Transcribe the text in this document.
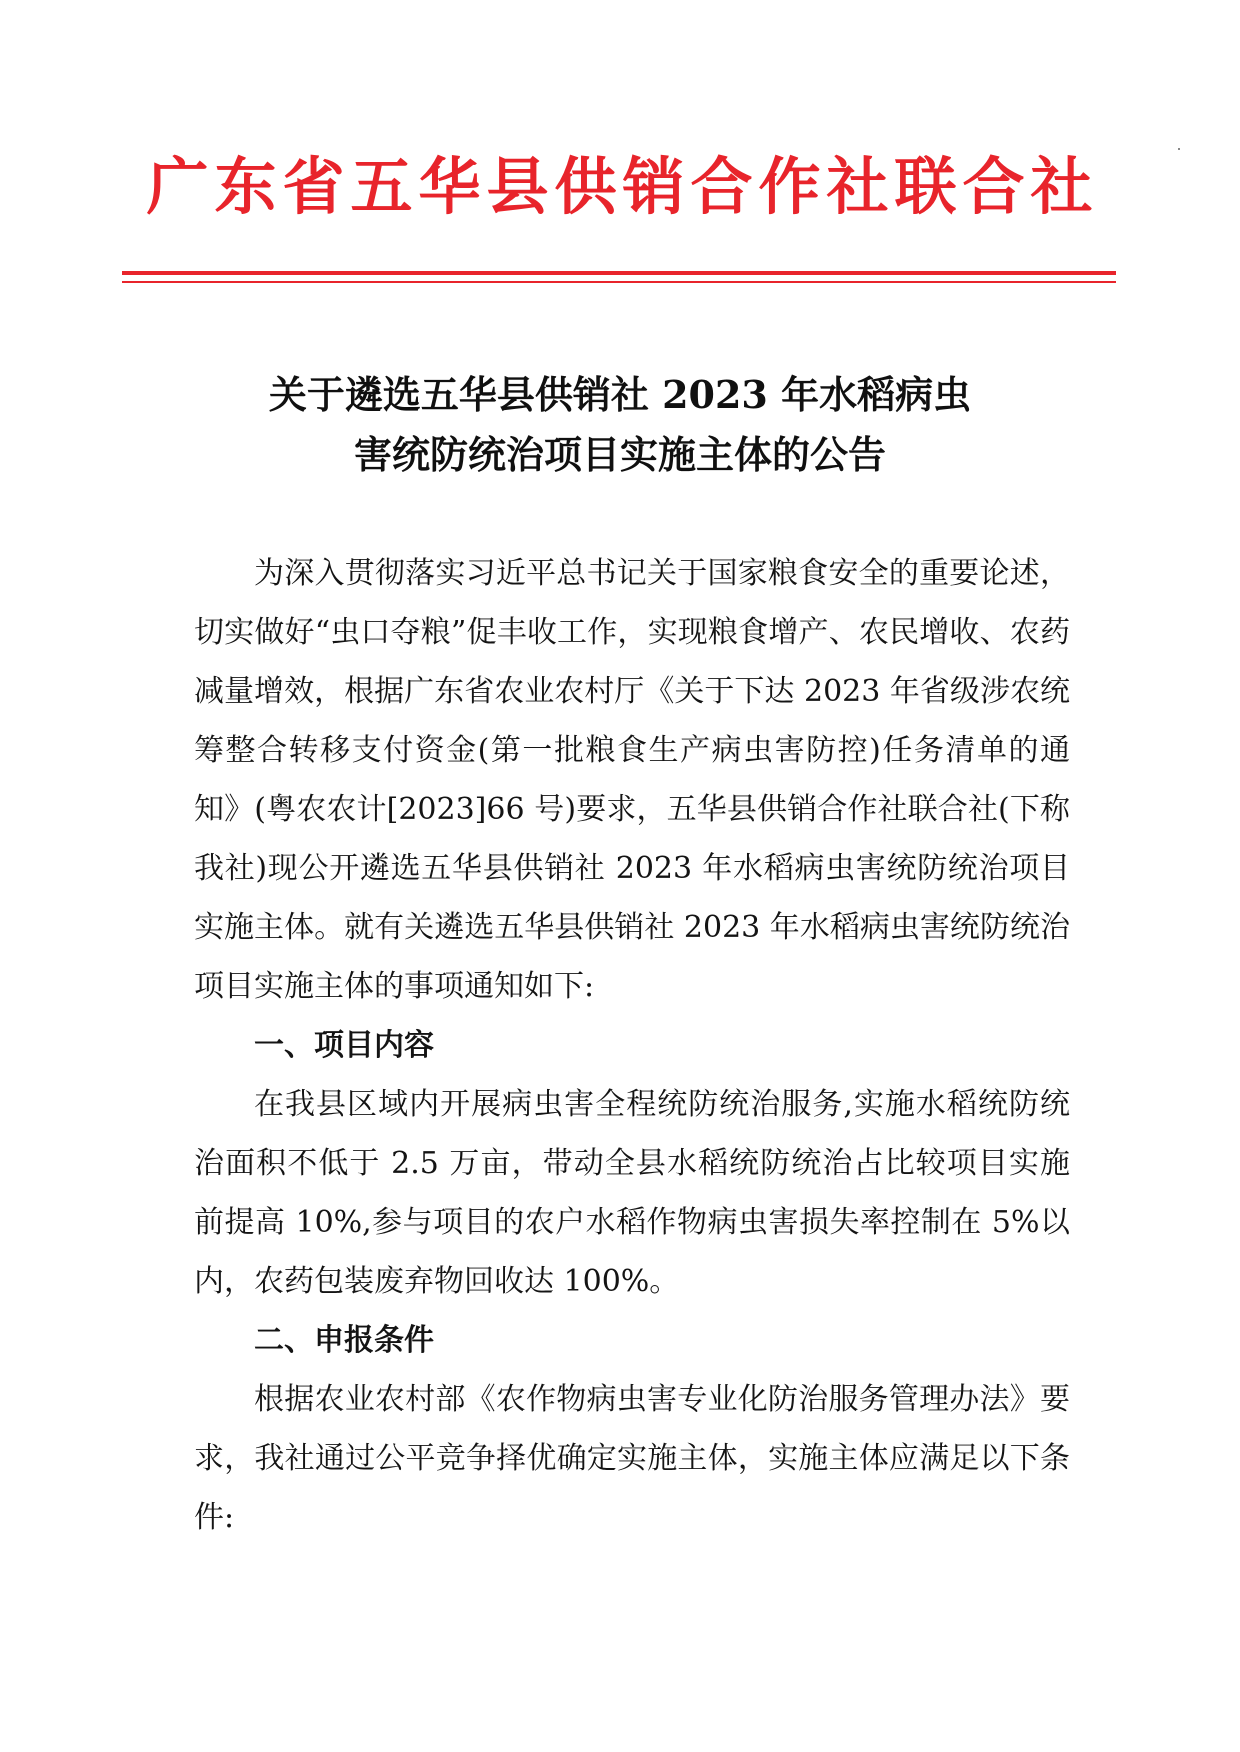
广东省五华县供销合作社联合社
关于遴选五华县供销社 2023 年水稻病虫
害统防统治项目实施主体的公告

为深入贯彻落实习近平总书记关于国家粮食安全的重要论述，切实做好“虫口夺粮”促丰收工作，实现粮食增产、农民增收、农药减量增效，根据广东省农业农村厅《关于下达 2023 年省级涉农统筹整合转移支付资金(第一批粮食生产病虫害防控)任务清单的通知》(粤农农计[2023]66 号)要求，五华县供销合作社联合社(下称我社)现公开遴选五华县供销社 2023 年水稻病虫害统防统治项目实施主体。就有关遴选五华县供销社 2023 年水稻病虫害统防统治项目实施主体的事项通知如下:

一、项目内容

在我县区域内开展病虫害全程统防统治服务,实施水稻统防统治面积不低于 2.5 万亩，带动全县水稻统防统治占比较项目实施前提高 10%,参与项目的农户水稻作物病虫害损失率控制在 5%以内，农药包装废弃物回收达 100%。

二、申报条件

根据农业农村部《农作物病虫害专业化防治服务管理办法》要求，我社通过公平竞争择优确定实施主体，实施主体应满足以下条件:
